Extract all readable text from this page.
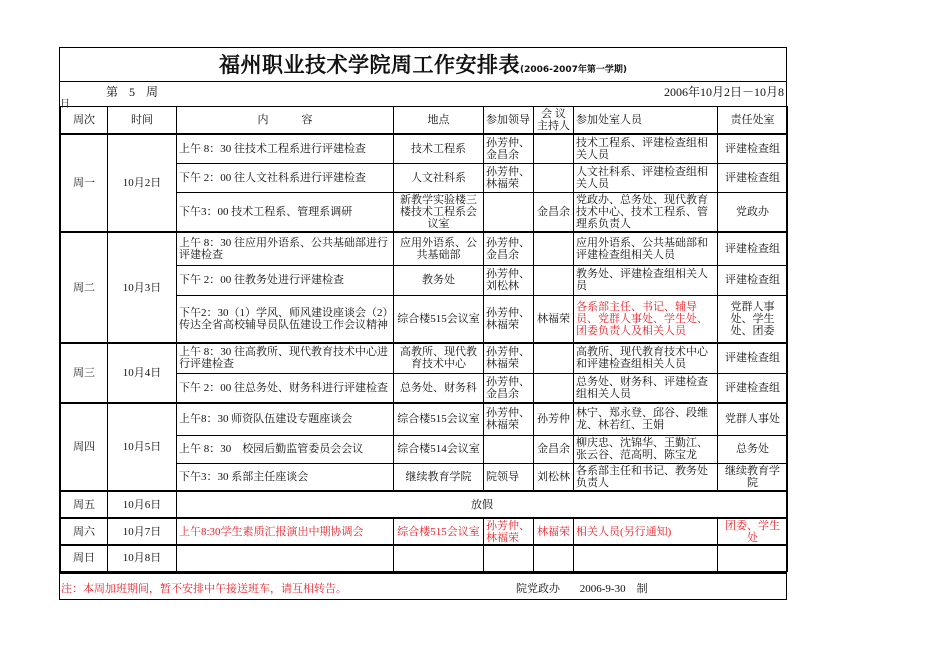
福州职业技术学院周工作安排表(2006-2007年第一学期)
第 5 周	2006年10月2日－10月8
日
周次	时间	内　　　容	地点	参加领导	会 议 主持人	参加处室人员	责任处室
周一	10月2日	上午 8：30 往技术工程系进行评建检查	技术工程系	孙芳仲、金昌余		技术工程系、评建检查组相关人员	评建检查组
		下午 2：00 往人文社科系进行评建检查	人文社科系	孙芳仲、林福荣		人文社科系、评建检查组相关人员	评建检查组
		下午3：00 技术工程系、管理系调研	新教学实验楼三楼技术工程系会议室		金昌余	党政办、总务处、现代教育技术中心、技术工程系、管理系负责人	党政办
周二	10月3日	上午 8：30 往应用外语系、公共基础部进行评建检查	应用外语系、公共基础部	孙芳仲、金昌余		应用外语系、公共基础部和评建检查组相关人员	评建检查组
		下午 2：00 往教务处进行评建检查	教务处	孙芳仲、刘松林		教务处、评建检查组相关人员	评建检查组
		下午2：30（1）学风、师风建设座谈会（2）传达全省高校辅导员队伍建设工作会议精神	综合楼515会议室	孙芳仲、林福荣	林福荣	各系部主任、书记、辅导员、党群人事处、学生处、团委负责人及相关人员	党群人事处、学生处、团委
周三	10月4日	上午 8：30 往高教所、现代教育技术中心进行评建检查	高教所、现代教育技术中心	孙芳仲、林福荣		高教所、现代教育技术中心和评建检查组相关人员	评建检查组
		下午 2：00 往总务处、财务科进行评建检查	总务处、财务科	孙芳仲、金昌余		总务处、财务科、评建检查组相关人员	评建检查组
周四	10月5日	上午8：30 师资队伍建设专题座谈会	综合楼515会议室	孙芳仲、林福荣	孙芳仲	林宁、郑永登、邱谷、段维龙、林若红、王娟	党群人事处
		上午 8：30　校园后勤监管委员会会议	综合楼514会议室		金昌余	柳庆忠、沈锦华、王勤江、张云谷、范高明、陈宝龙	总务处
		下午3：30 系部主任座谈会	继续教育学院	院领导	刘松林	各系部主任和书记、教务处负责人	继续教育学院
周五	10月6日	放假					
周六	10月7日	上午8:30学生素质汇报演出中期协调会	综合楼515会议室	孙芳仲、林福荣	林福荣	相关人员(另行通知)	团委、学生处
周日	10月8日						
注：本周加班期间，暂不安排中午接送班车，请互相转告。	院党政办　 2006-9-30　制
